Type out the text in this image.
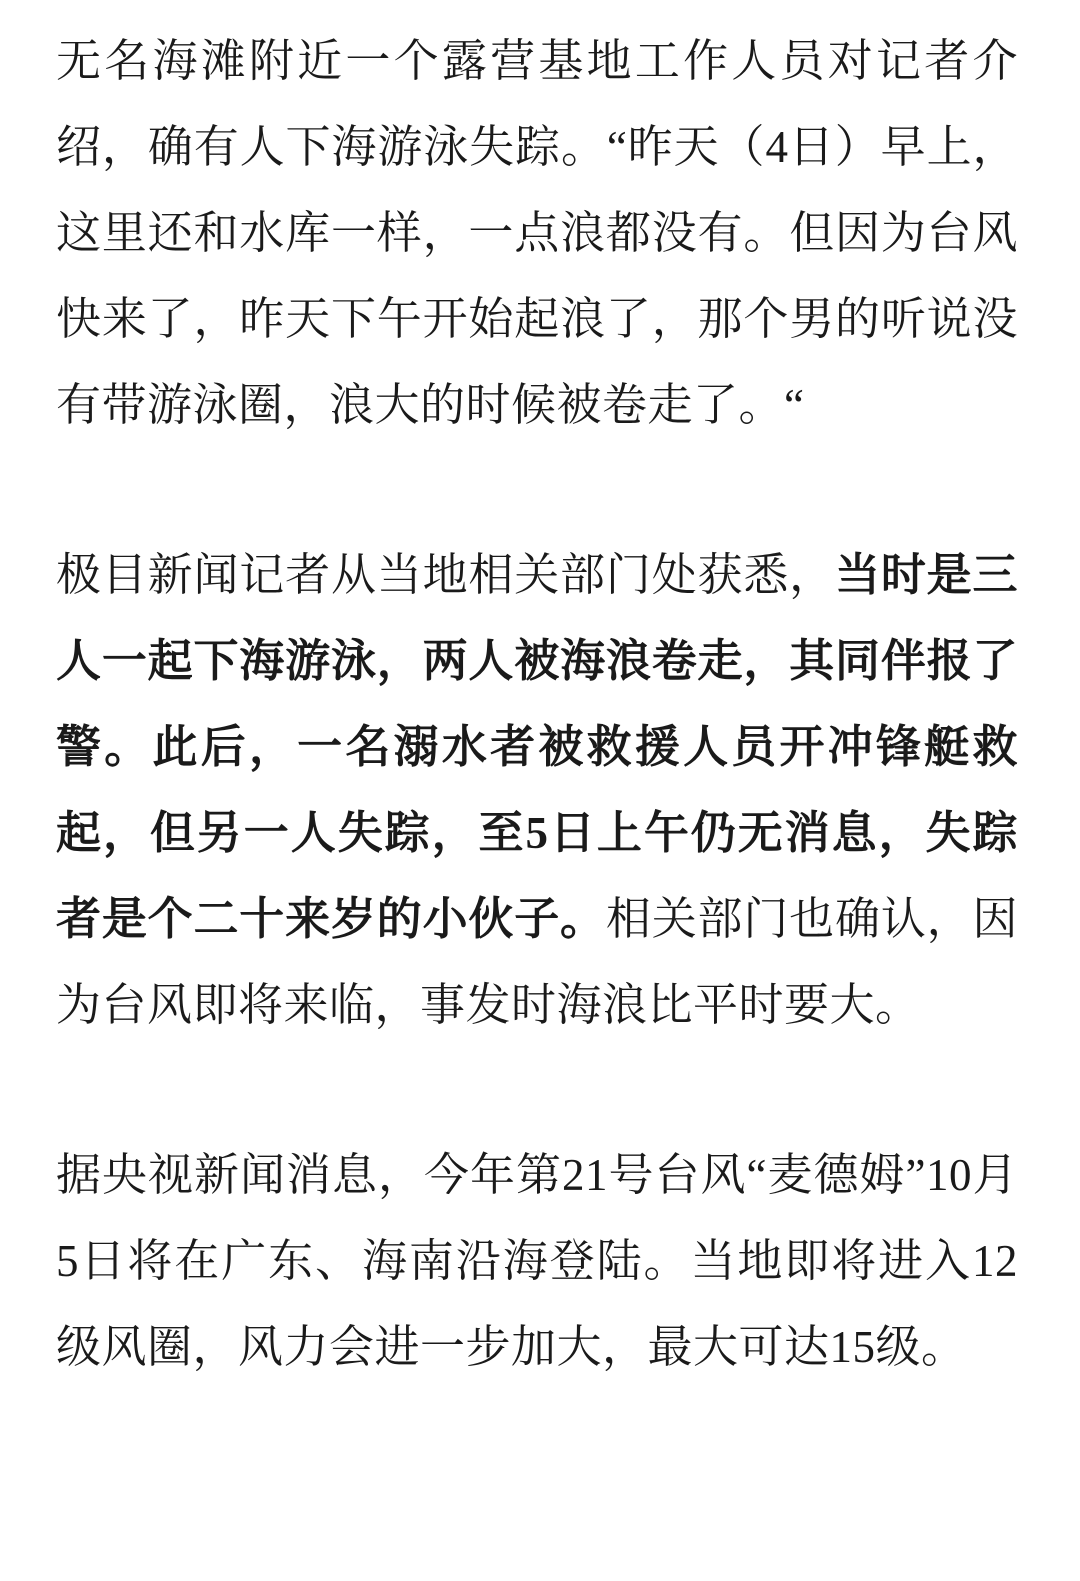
无名海滩附近一个露营基地工作人员对记者介绍，确有人下海游泳失踪。“昨天（4日）早上，这里还和水库一样，一点浪都没有。但因为台风快来了，昨天下午开始起浪了，那个男的听说没有带游泳圈，浪大的时候被卷走了。“

极目新闻记者从当地相关部门处获悉，当时是三人一起下海游泳，两人被海浪卷走，其同伴报了警。此后，一名溺水者被救援人员开冲锋艇救起，但另一人失踪，至5日上午仍无消息，失踪者是个二十来岁的小伙子。相关部门也确认，因为台风即将来临，事发时海浪比平时要大。

据央视新闻消息，今年第21号台风“麦德姆”10月5日将在广东、海南沿海登陆。当地即将进入12级风圈，风力会进一步加大，最大可达15级。
